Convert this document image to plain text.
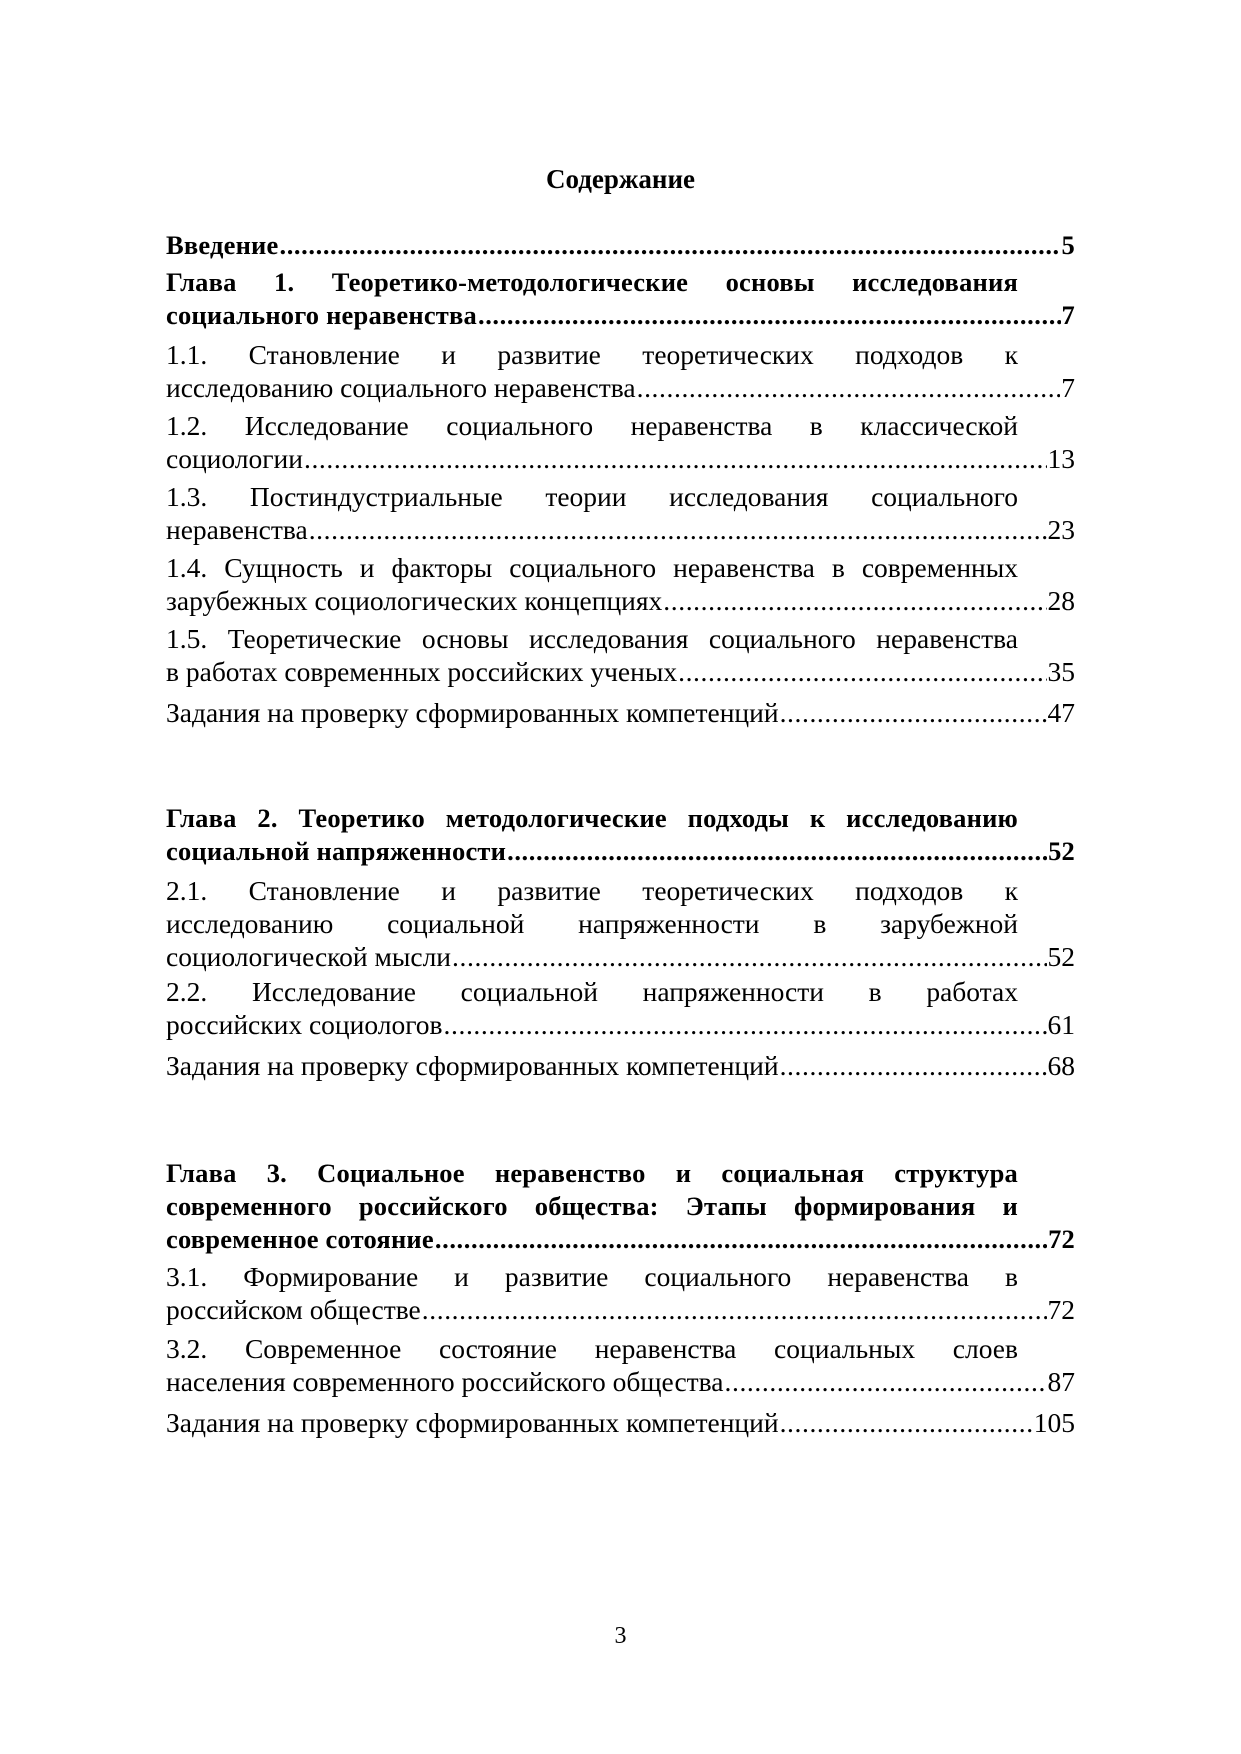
Содержание
Введение .....	5
Глава 1. Теоретико-методологические основы исследования
социального неравенства .....	7
1.1. Становление и развитие теоретических подходов к
исследованию социального неравенства .....	7
1.2. Исследование социального неравенства в классической
социологии .....	13
1.3. Постиндустриальные теории исследования социального
неравенства .....	23
1.4. Сущность и факторы социального неравенства в современных
зарубежных социологических концепциях .....	28
1.5. Теоретические основы исследования социального неравенства
в работах современных российских ученых .....	35
Задания на проверку сформированных компетенций .....	47
Глава 2. Теоретико методологические подходы к исследованию
социальной напряженности .....	52
2.1. Становление и развитие теоретических подходов к
исследованию социальной напряженности в зарубежной
социологической мысли .....	52
2.2. Исследование социальной напряженности в работах
российских социологов .....	61
Задания на проверку сформированных компетенций .....	68
Глава 3. Социальное неравенство и социальная структура
современного российского общества: Этапы формирования и
современное сотояние .....	72
3.1. Формирование и развитие социального неравенства в
российском обществе .....	72
3.2. Современное состояние неравенства социальных слоев
населения современного российского общества .....	87
Задания на проверку сформированных компетенций .....	105
3
